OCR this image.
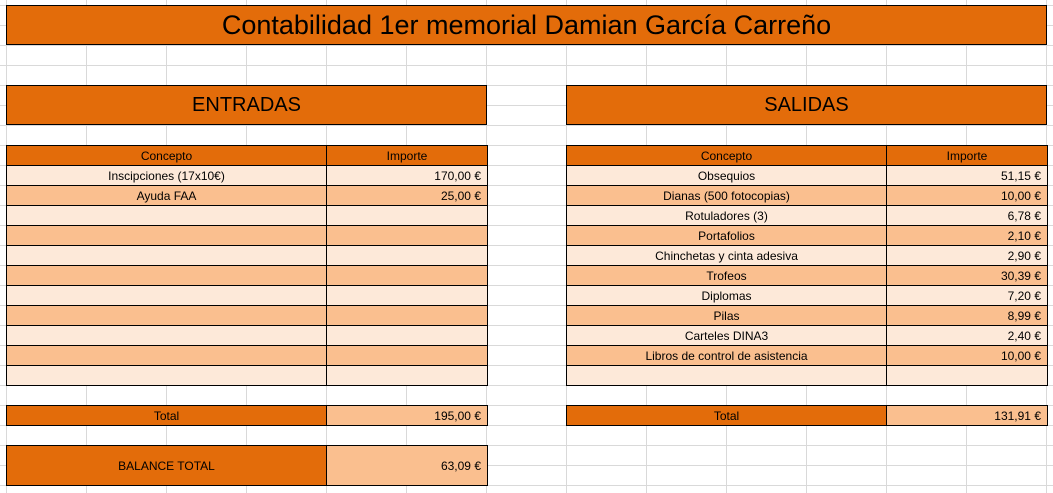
Contabilidad 1er memorial Damian García Carreño
ENTRADAS
Concepto	Importe
Inscipciones (17x10€)	170,00 €
Ayuda FAA	25,00 €

Total	195,00 €
BALANCE TOTAL	63,09 €
SALIDAS
Concepto	Importe
Obsequios	51,15 €
Dianas (500 fotocopias)	10,00 €
Rotuladores (3)	6,78 €
Portafolios	2,10 €
Chinchetas y cinta adesiva	2,90 €
Trofeos	30,39 €
Diplomas	7,20 €
Pilas	8,99 €
Carteles DINA3	2,40 €
Libros de control de asistencia	10,00 €

Total	131,91 €
